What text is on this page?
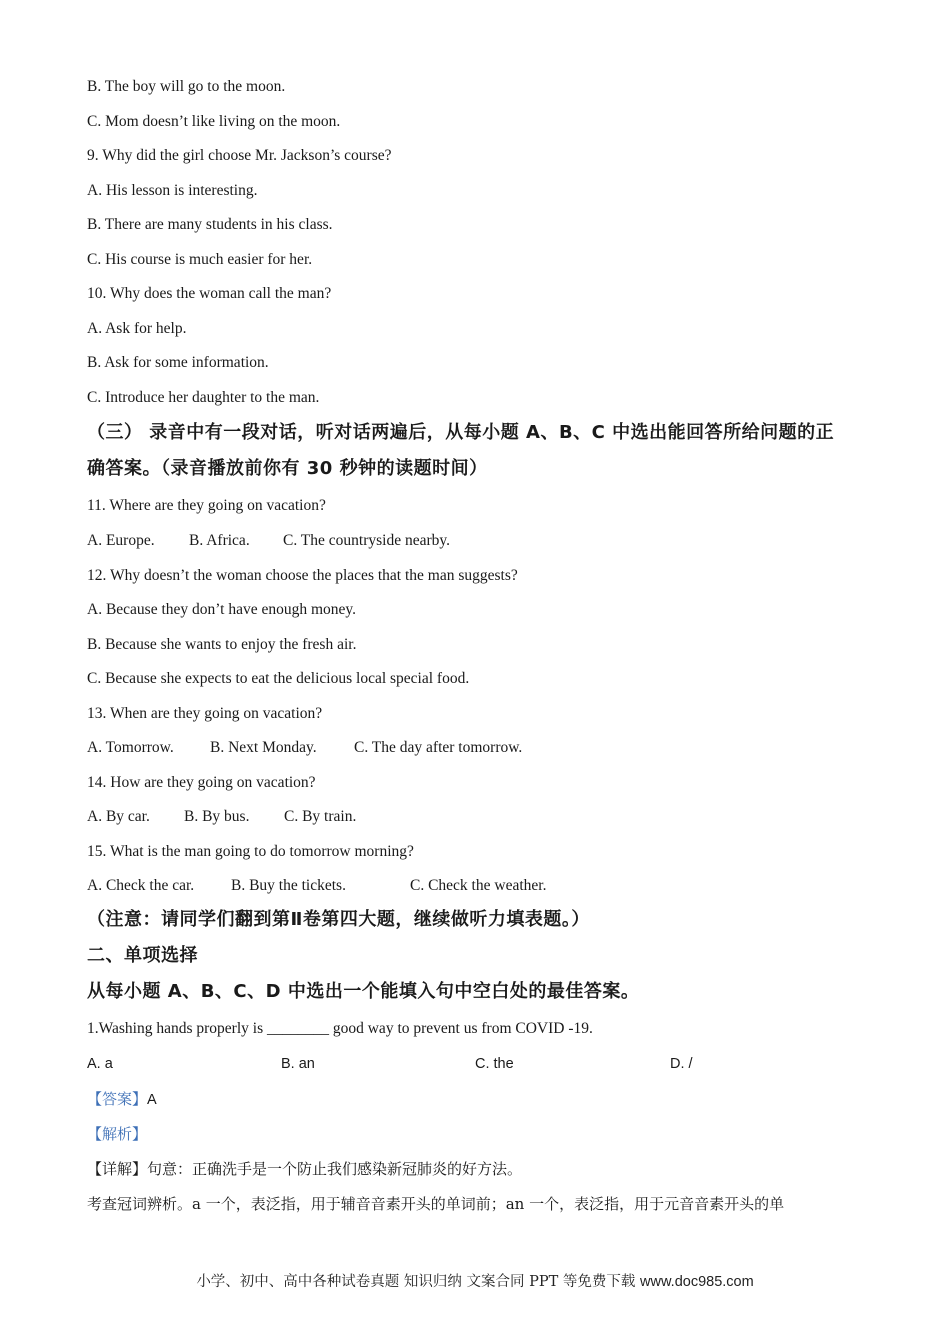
B. The boy will go to the moon.
C. Mom doesn’t like living on the moon.
9. Why did the girl choose Mr. Jackson’s course?
A. His lesson is interesting.
B. There are many students in his class.
C. His course is much easier for her.
10. Why does the woman call the man?
A. Ask for help.
B. Ask for some information.
C. Introduce her daughter to the man.
（三） 录音中有一段对话，听对话两遍后，从每小题 A、B、C 中选出能回答所给问题的正
确答案。（录音播放前你有 30 秒钟的读题时间）
11. Where are they going on vacation?
A. Europe. B. Africa. C. The countryside nearby.
12. Why doesn’t the woman choose the places that the man suggests?
A. Because they don’t have enough money.
B. Because she wants to enjoy the fresh air.
C. Because she expects to eat the delicious local special food.
13. When are they going on vacation?
A. Tomorrow. B. Next Monday. C. The day after tomorrow.
14. How are they going on vacation?
A. By car. B. By bus. C. By train.
15. What is the man going to do tomorrow morning?
A. Check the car. B. Buy the tickets.	C. Check the weather.
（注意：请同学们翻到第Ⅱ卷第四大题，继续做听力填表题。）
二、单项选择
从每小题 A、B、C、D 中选出一个能填入句中空白处的最佳答案。
1.Washing hands properly is ________ good way to prevent us from COVID -19.
A. a	B. an	C. the	D. /
【答案】A
【解析】
【详解】句意：正确洗手是一个防止我们感染新冠肺炎的好方法。
考查冠词辨析。a 一个，表泛指，用于辅音音素开头的单词前；an 一个，表泛指，用于元音音素开头的单
小学、初中、高中各种试卷真题 知识归纳 文案合同 PPT 等免费下载 www.doc985.com
